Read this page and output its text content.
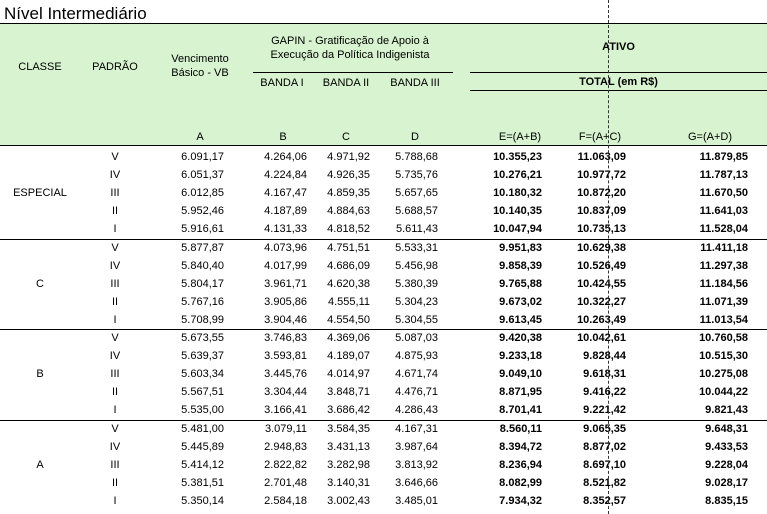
Nível Intermediário
CLASSE	PADRÃO
Vencimento
Básico - VB
GAPIN - Gratificação de Apoio à
Execução da Política Indigenista
BANDA I	BANDA II	BANDA III
ATIVO
TOTAL (em R$)
A	B	C	D	E=(A+B)	F=(A+C)	G=(A+D)
ESPECIAL
V	6.091,17	4.264,06	4.971,92	5.788,68	10.355,23	11.063,09	11.879,85
IV	6.051,37	4.224,84	4.926,35	5.735,76	10.276,21	10.977,72	11.787,13
III	6.012,85	4.167,47	4.859,35	5.657,65	10.180,32	10.872,20	11.670,50
II	5.952,46	4.187,89	4.884,63	5.688,57	10.140,35	10.837,09	11.641,03
I	5.916,61	4.131,33	4.818,52	5.611,43	10.047,94	10.735,13	11.528,04
C
V	5.877,87	4.073,96	4.751,51	5.533,31	9.951,83	10.629,38	11.411,18
IV	5.840,40	4.017,99	4.686,09	5.456,98	9.858,39	10.526,49	11.297,38
III	5.804,17	3.961,71	4.620,38	5.380,39	9.765,88	10.424,55	11.184,56
II	5.767,16	3.905,86	4.555,11	5.304,23	9.673,02	10.322,27	11.071,39
I	5.708,99	3.904,46	4.554,50	5.304,55	9.613,45	10.263,49	11.013,54
B
V	5.673,55	3.746,83	4.369,06	5.087,03	9.420,38	10.042,61	10.760,58
IV	5.639,37	3.593,81	4.189,07	4.875,93	9.233,18	9.828,44	10.515,30
III	5.603,34	3.445,76	4.014,97	4.671,74	9.049,10	9.618,31	10.275,08
II	5.567,51	3.304,44	3.848,71	4.476,71	8.871,95	9.416,22	10.044,22
I	5.535,00	3.166,41	3.686,42	4.286,43	8.701,41	9.221,42	9.821,43
A
V	5.481,00	3.079,11	3.584,35	4.167,31	8.560,11	9.065,35	9.648,31
IV	5.445,89	2.948,83	3.431,13	3.987,64	8.394,72	8.877,02	9.433,53
III	5.414,12	2.822,82	3.282,98	3.813,92	8.236,94	8.697,10	9.228,04
II	5.381,51	2.701,48	3.140,31	3.646,66	8.082,99	8.521,82	9.028,17
I	5.350,14	2.584,18	3.002,43	3.485,01	7.934,32	8.352,57	8.835,15
